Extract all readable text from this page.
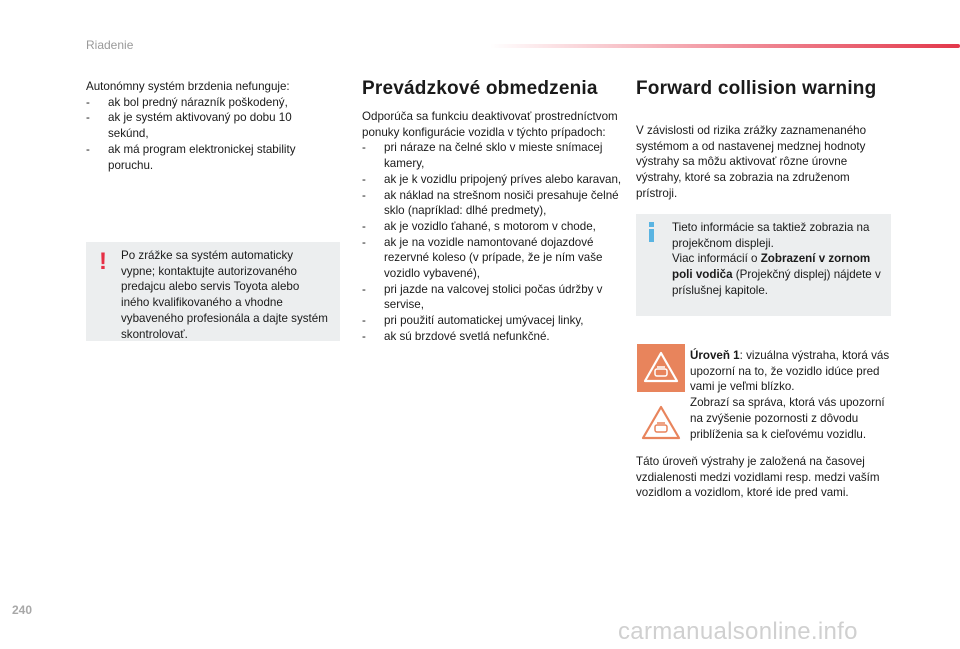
Riadenie
Autonómny systém brzdenia nefunguje:
- ak bol predný nárazník poškodený,
- ak je systém aktivovaný po dobu 10 sekúnd,
- ak má program elektronickej stability poruchu.
! Po zrážke sa systém automaticky vypne; kontaktujte autorizovaného predajcu alebo servis Toyota alebo iného kvalifikovaného a vhodne vybaveného profesionála a dajte systém skontrolovať.
Prevádzkové obmedzenia
Odporúča sa funkciu deaktivovať prostredníctvom ponuky konfigurácie vozidla v týchto prípadoch:
- pri náraze na čelné sklo v mieste snímacej kamery,
- ak je k vozidlu pripojený príves alebo karavan,
- ak náklad na strešnom nosiči presahuje čelné sklo (napríklad: dlhé predmety),
- ak je vozidlo ťahané, s motorom v chode,
- ak je na vozidle namontované dojazdové rezervné koleso (v prípade, že je ním vaše vozidlo vybavené),
- pri jazde na valcovej stolici počas údržby v servise,
- pri použití automatickej umývacej linky,
- ak sú brzdové svetlá nefunkčné.
Forward collision warning
V závislosti od rizika zrážky zaznamenaného systémom a od nastavenej medznej hodnoty výstrahy sa môžu aktivovať rôzne úrovne výstrahy, ktoré sa zobrazia na združenom prístroji.
Tieto informácie sa taktiež zobrazia na projekčnom displeji.
Viac informácií o Zobrazení v zornom poli vodiča (Projekčný displej) nájdete v príslušnej kapitole.
Úroveň 1: vizuálna výstraha, ktorá vás upozorní na to, že vozidlo idúce pred vami je veľmi blízko.
Zobrazí sa správa, ktorá vás upozorní na zvýšenie pozornosti z dôvodu priblíženia sa k cieľovému vozidlu.
Táto úroveň výstrahy je založená na časovej vzdialenosti medzi vozidlami resp. medzi vaším vozidlom a vozidlom, ktoré ide pred vami.
240
carmanualsonline.info
